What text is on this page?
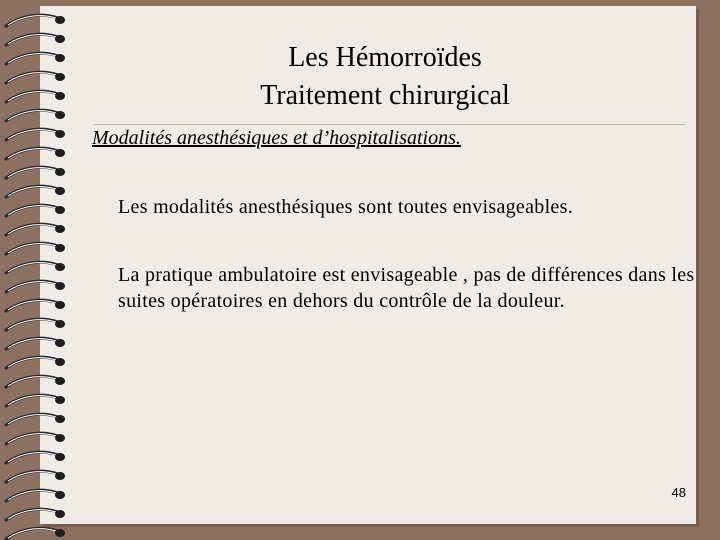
Les Hémorroïdes
Traitement chirurgical
Modalités anesthésiques et d’hospitalisations.
Les modalités anesthésiques sont toutes envisageables.
La pratique ambulatoire est envisageable , pas de différences dans les suites opératoires en dehors du contrôle de la douleur.
48
